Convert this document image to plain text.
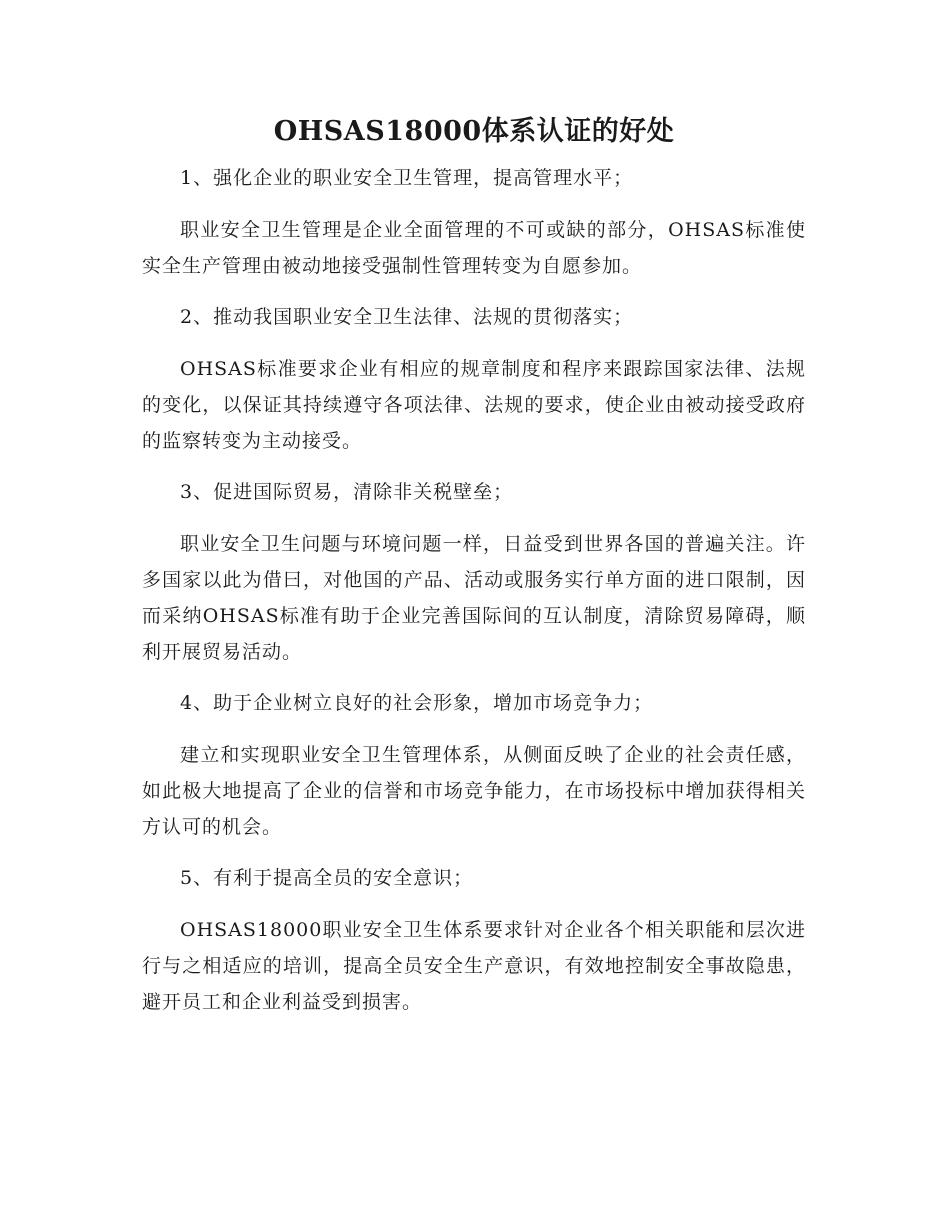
OHSAS18000体系认证的好处

1、强化企业的职业安全卫生管理，提高管理水平；

职业安全卫生管理是企业全面管理的不可或缺的部分，OHSAS标准使实全生产管理由被动地接受强制性管理转变为自愿参加。

2、推动我国职业安全卫生法律、法规的贯彻落实；

OHSAS标准要求企业有相应的规章制度和程序来跟踪国家法律、法规的变化，以保证其持续遵守各项法律、法规的要求，使企业由被动接受政府的监察转变为主动接受。

3、促进国际贸易，清除非关税壁垒；

职业安全卫生问题与环境问题一样，日益受到世界各国的普遍关注。许多国家以此为借曰，对他国的产品、活动或服务实行单方面的进口限制，因而采纳OHSAS标准有助于企业完善国际间的互认制度，清除贸易障碍，顺利开展贸易活动。

4、助于企业树立良好的社会形象，增加市场竞争力；

建立和实现职业安全卫生管理体系，从侧面反映了企业的社会责任感，如此极大地提高了企业的信誉和市场竞争能力，在市场投标中增加获得相关方认可的机会。

5、有利于提高全员的安全意识；

OHSAS18000职业安全卫生体系要求针对企业各个相关职能和层次进行与之相适应的培训，提高全员安全生产意识，有效地控制安全事故隐患，避开员工和企业利益受到损害。
